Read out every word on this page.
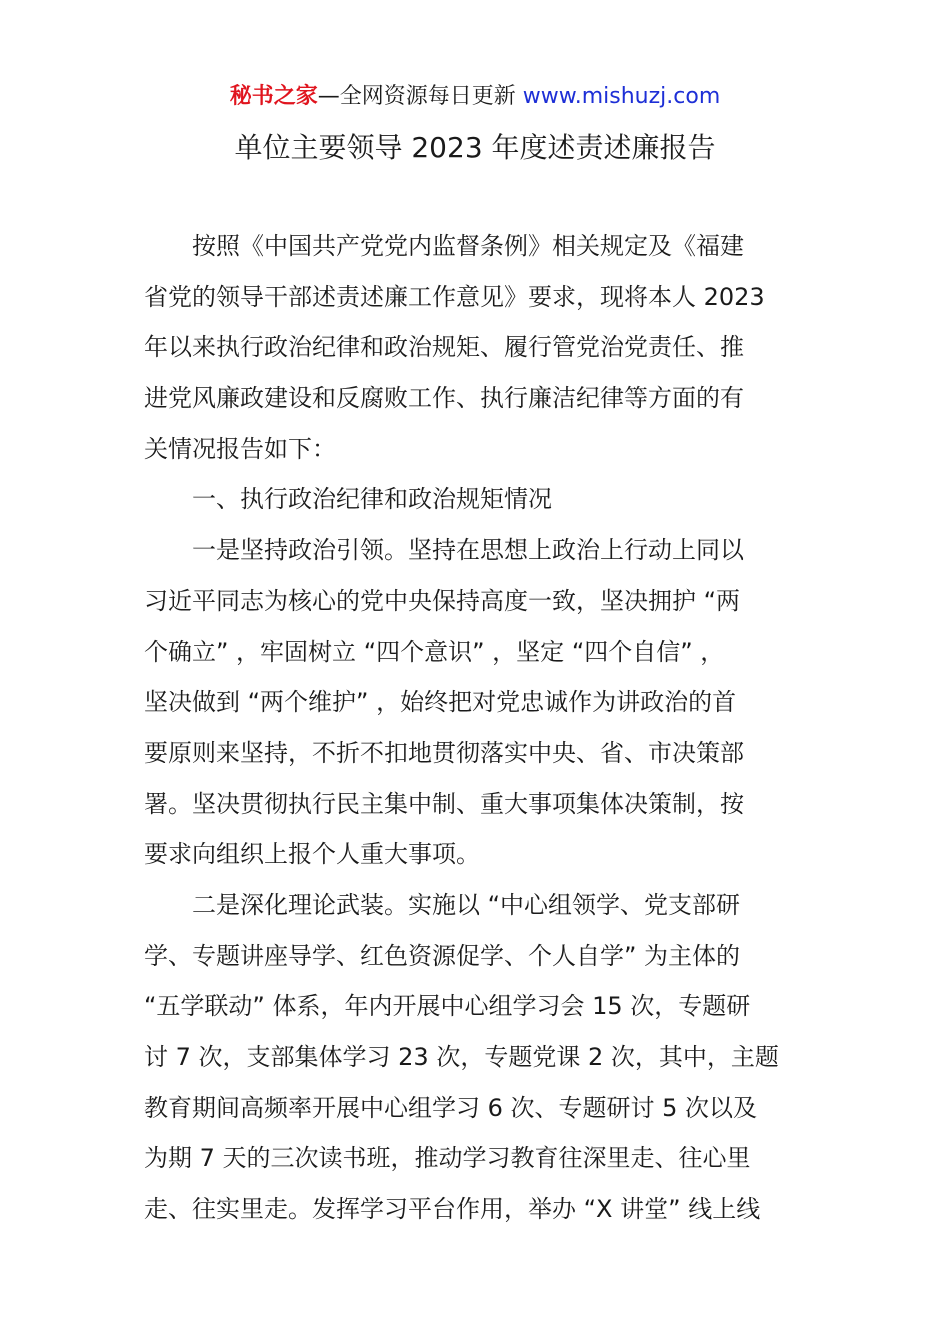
秘书之家—全网资源每日更新 www.mishuzj.com
单位主要领导 2023 年度述责述廉报告
按照《中国共产党党内监督条例》相关规定及《福建
省党的领导干部述责述廉工作意见》要求，现将本人 2023
年以来执行政治纪律和政治规矩、履行管党治党责任、推
进党风廉政建设和反腐败工作、执行廉洁纪律等方面的有
关情况报告如下：
一、执行政治纪律和政治规矩情况
一是坚持政治引领。坚持在思想上政治上行动上同以
习近平同志为核心的党中央保持高度一致，坚决拥护 “两
个确立” ，牢固树立 “四个意识” ，坚定 “四个自信” ，
坚决做到 “两个维护” ，始终把对党忠诚作为讲政治的首
要原则来坚持，不折不扣地贯彻落实中央、省、市决策部
署。坚决贯彻执行民主集中制、重大事项集体决策制，按
要求向组织上报个人重大事项。
二是深化理论武装。实施以 “中心组领学、党支部研
学、专题讲座导学、红色资源促学、个人自学” 为主体的
“五学联动” 体系，年内开展中心组学习会 15 次，专题研
讨 7 次，支部集体学习 23 次，专题党课 2 次，其中，主题
教育期间高频率开展中心组学习 6 次、专题研讨 5 次以及
为期 7 天的三次读书班，推动学习教育往深里走、往心里
走、往实里走。发挥学习平台作用，举办 “X 讲堂” 线上线
